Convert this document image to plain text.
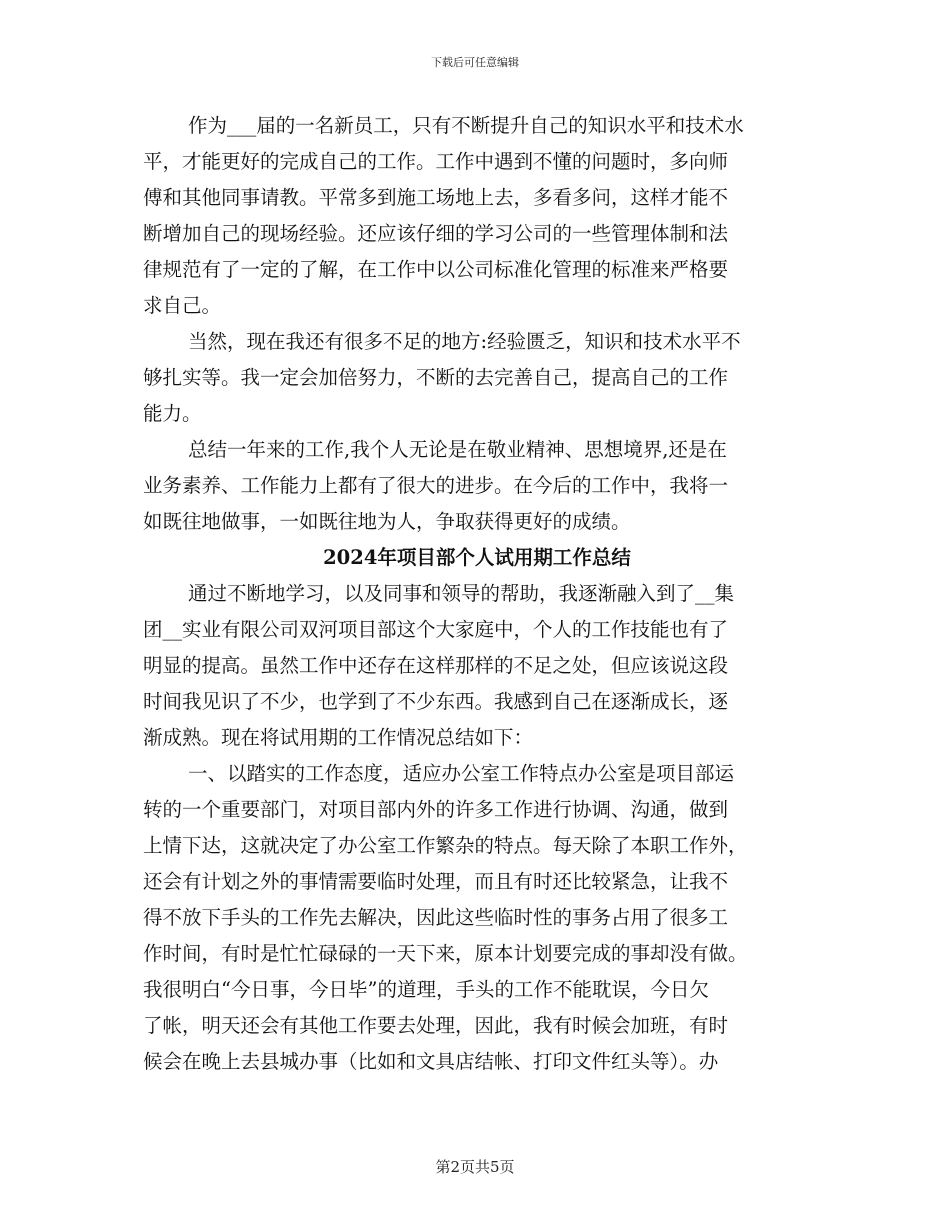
下载后可任意编辑
作为___届的一名新员工，只有不断提升自己的知识水平和技术水
平，才能更好的完成自己的工作。工作中遇到不懂的问题时，多向师
傅和其他同事请教。平常多到施工场地上去，多看多问，这样才能不
断增加自己的现场经验。还应该仔细的学习公司的一些管理体制和法
律规范有了一定的了解，在工作中以公司标准化管理的标准来严格要
求自己。
当然，现在我还有很多不足的地方:经验匮乏，知识和技术水平不
够扎实等。我一定会加倍努力，不断的去完善自己，提高自己的工作
能力。
总结一年来的工作,我个人无论是在敬业精神、思想境界,还是在
业务素养、工作能力上都有了很大的进步。在今后的工作中，我将一
如既往地做事，一如既往地为人，争取获得更好的成绩。
2024年项目部个人试用期工作总结
通过不断地学习，以及同事和领导的帮助，我逐渐融入到了__集
团__实业有限公司双河项目部这个大家庭中，个人的工作技能也有了
明显的提高。虽然工作中还存在这样那样的不足之处，但应该说这段
时间我见识了不少，也学到了不少东西。我感到自己在逐渐成长，逐
渐成熟。现在将试用期的工作情况总结如下：
一、以踏实的工作态度，适应办公室工作特点办公室是项目部运
转的一个重要部门，对项目部内外的许多工作进行协调、沟通，做到
上情下达，这就决定了办公室工作繁杂的特点。每天除了本职工作外，
还会有计划之外的事情需要临时处理，而且有时还比较紧急，让我不
得不放下手头的工作先去解决，因此这些临时性的事务占用了很多工
作时间，有时是忙忙碌碌的一天下来，原本计划要完成的事却没有做。
我很明白“今日事，今日毕”的道理，手头的工作不能耽误，今日欠
了帐，明天还会有其他工作要去处理，因此，我有时候会加班，有时
候会在晚上去县城办事（比如和文具店结帐、打印文件红头等）。办
第2页共5页
